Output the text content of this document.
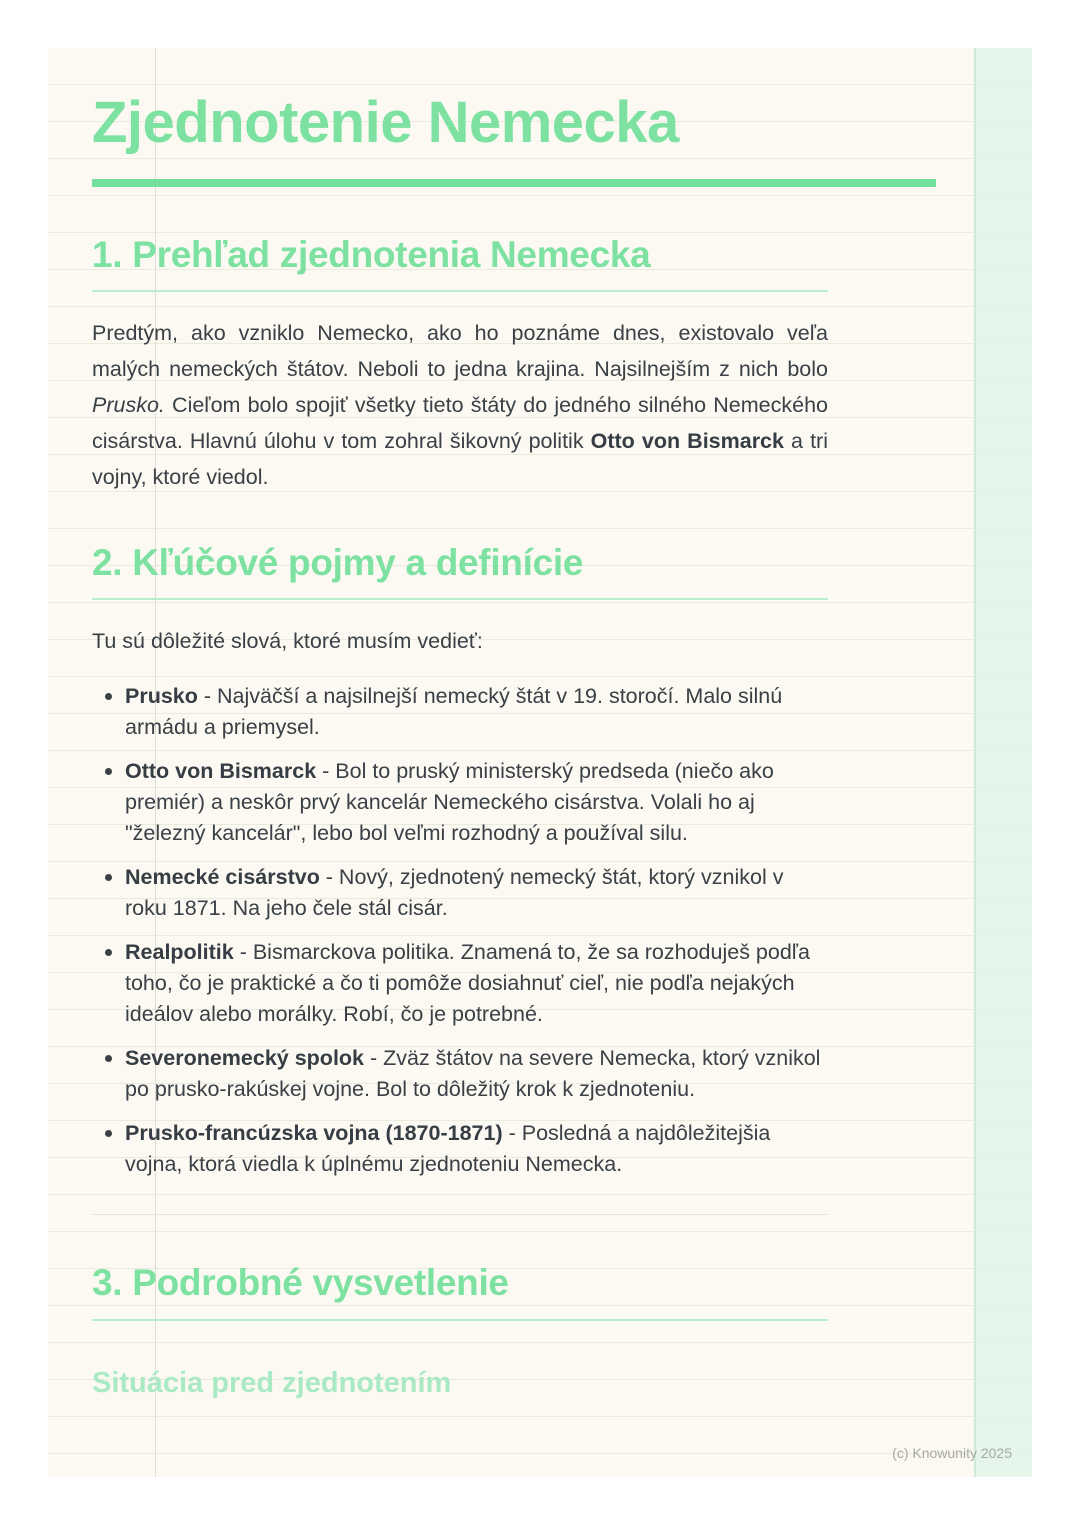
Zjednotenie Nemecka
1. Prehľad zjednotenia Nemecka

Predtým, ako vzniklo Nemecko, ako ho poznáme dnes, existovalo veľa malých nemeckých štátov. Neboli to jedna krajina. Najsilnejším z nich bolo Prusko. Cieľom bolo spojiť všetky tieto štáty do jedného silného Nemeckého cisárstva. Hlavnú úlohu v tom zohral šikovný politik Otto von Bismarck a tri vojny, ktoré viedol.

2. Kľúčové pojmy a definície

Tu sú dôležité slová, ktoré musím vedieť:

Prusko - Najväčší a najsilnejší nemecký štát v 19. storočí. Malo silnú armádu a priemysel.
Otto von Bismarck - Bol to pruský ministerský predseda (niečo ako premiér) a neskôr prvý kancelár Nemeckého cisárstva. Volali ho aj "železný kancelár", lebo bol veľmi rozhodný a používal silu.
Nemecké cisárstvo - Nový, zjednotený nemecký štát, ktorý vznikol v roku 1871. Na jeho čele stál cisár.
Realpolitik - Bismarckova politika. Znamená to, že sa rozhoduješ podľa toho, čo je praktické a čo ti pomôže dosiahnuť cieľ, nie podľa nejakých ideálov alebo morálky. Robí, čo je potrebné.
Severonemecký spolok - Zväz štátov na severe Nemecka, ktorý vznikol po prusko-rakúskej vojne. Bol to dôležitý krok k zjednoteniu.
Prusko-francúzska vojna (1870-1871) - Posledná a najdôležitejšia vojna, ktorá viedla k úplnému zjednoteniu Nemecka.
3. Podrobné vysvetlenie
Situácia pred zjednotením
(c) Knowunity 2025
